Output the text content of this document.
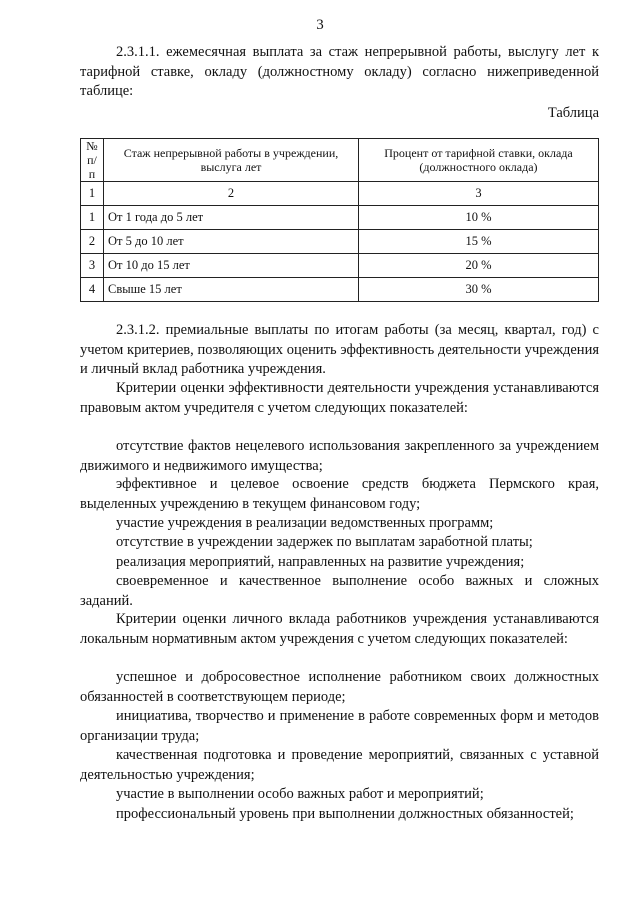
3

2.3.1.1. ежемесячная выплата за стаж непрерывной работы, выслугу лет к тарифной ставке, окладу (должностному окладу) согласно нижеприведенной таблице:

Таблица
№ п/п	Стаж непрерывной работы в учреждении, выслуга лет	Процент от тарифной ставки, оклада (должностного оклада)
1	2	3
1	От 1 года до 5 лет	10 %
2	От 5 до 10 лет	15 %
3	От 10 до 15 лет	20 %
4	Свыше 15 лет	30 %

2.3.1.2. премиальные выплаты по итогам работы (за месяц, квартал, год) с учетом критериев, позволяющих оценить эффективность деятельности учреждения и личный вклад работника учреждения.

Критерии оценки эффективности деятельности учреждения устанавливаются правовым актом учредителя с учетом следующих показателей:

отсутствие фактов нецелевого использования закрепленного за учреждением движимого и недвижимого имущества;

эффективное и целевое освоение средств бюджета Пермского края, выделенных учреждению в текущем финансовом году;

участие учреждения в реализации ведомственных программ;

отсутствие в учреждении задержек по выплатам заработной платы;

реализация мероприятий, направленных на развитие учреждения;

своевременное и качественное выполнение особо важных и сложных заданий.

Критерии оценки личного вклада работников учреждения устанавливаются локальным нормативным актом учреждения с учетом следующих показателей:

успешное и добросовестное исполнение работником своих должностных обязанностей в соответствующем периоде;

инициатива, творчество и применение в работе современных форм и методов организации труда;

качественная подготовка и проведение мероприятий, связанных с уставной деятельностью учреждения;

участие в выполнении особо важных работ и мероприятий;

профессиональный уровень при выполнении должностных обязанностей;
